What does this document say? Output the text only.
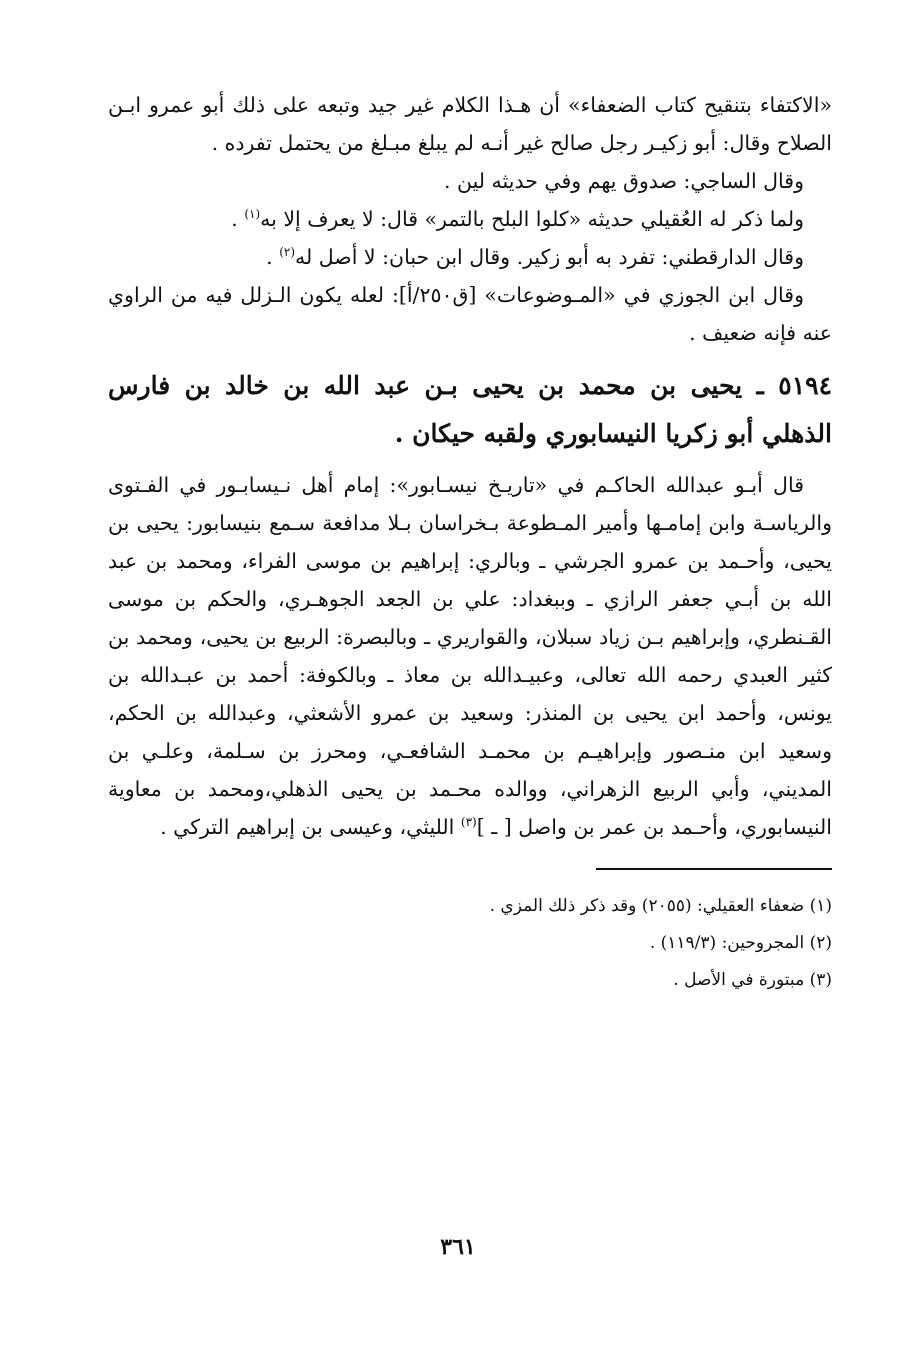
«الاكتفاء بتنقيح كتاب الضعفاء» أن هـذا الكلام غير جيد وتبعه على ذلك أبو عمرو ابـن الصلاح وقال: أبو زكيـر رجل صالح غير أنـه لم يبلغ مبـلغ من يحتمل تفرده .

وقال الساجي: صدوق يهم وفي حديثه لين .

ولما ذكر له العُقيلي حديثه «كلوا البلح بالتمر» قال: لا يعرف إلا به$^{(١)}$ .

وقال الدارقطني: تفرد به أبو زكير. وقال ابن حبان: لا أصل له$^{(٢)}$ .

وقال ابن الجوزي في «المـوضوعات» [ق٢٥٠/أ]: لعله يكون الـزلل فيه من الراوي عنه فإنه ضعيف .

٥١٩٤ ـ يحيى بن محمد بن يحيى بـن عبد الله بن خالد بن فارس الذهلي أبو زكريا النيسابوري ولقبه حيكان .

قال أبـو عبدالله الحاكـم في «تاريـخ نيسـابور»: إمام أهل نـيسابـور في الفـتوى والرياسـة وابن إمامـها وأمير المـطوعة بـخراسان بـلا مدافعة سـمع بنيسابور: يحيى بن يحيى، وأحـمد بن عمرو الجرشي ـ وبالري: إبراهيم بن موسى الفراء، ومحمد بن عبد الله بن أبـي جعفر الرازي ـ وببغداد: علي بن الجعد الجوهـري، والحكم بن موسى القـنطري، وإبراهيم بـن زياد سبلان، والقواريري ـ وبالبصرة: الربيع بن يحيى، ومحمد بن كثير العبدي رحمه الله تعالى، وعبيـدالله بن معاذ ـ وبالكوفة: أحمد بن عبـدالله بن يونس، وأحمد ابن يحيى بن المنذر: وسعيد بن عمرو الأشعثي، وعبدالله بن الحكم، وسعيد ابن منـصور وإبراهيـم بن محمـد الشافعـي، ومحرز بن سـلمة، وعلـي بن المديني، وأبي الربيع الزهراني، ووالده محـمد بن يحيى الذهلي،ومحمد بن معاوية النيسابوري، وأحـمد بن عمر بن واصل [ ـ ]$^{(٣)}$ الليثي، وعيسى بن إبراهيم التركي .

(١) ضعفاء العقيلي: (٢٠٥٥) وقد ذكر ذلك المزي .

(٢) المجروحين: (١١٩/٣) .

(٣) مبتورة في الأصل .

٣٦١
